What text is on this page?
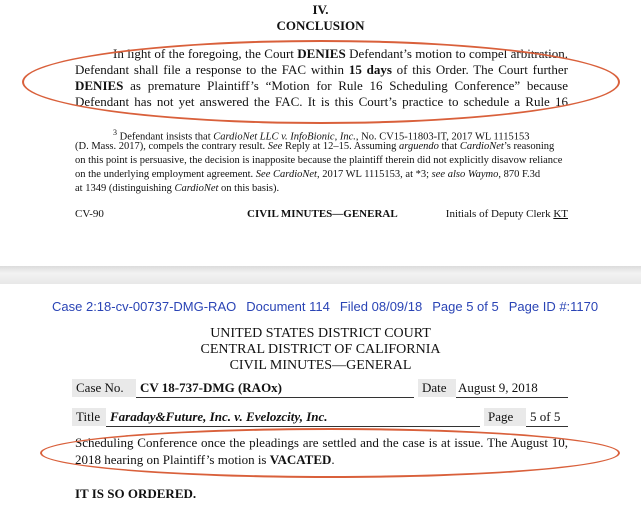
IV.
CONCLUSION
In light of the foregoing, the Court DENIES Defendant’s motion to compel arbitration.
Defendant shall file a response to the FAC within 15 days of this Order. The Court further
DENIES as premature Plaintiff’s “Motion for Rule 16 Scheduling Conference” because
Defendant has not yet answered the FAC. It is this Court’s practice to schedule a Rule 16
$^3$ Defendant insists that CardioNet LLC v. InfoBionic, Inc., No. CV15-11803-IT, 2017 WL 1115153
(D. Mass. 2017), compels the contrary result. See Reply at 12–15. Assuming arguendo that CardioNet’s reasoning
on this point is persuasive, the decision is inapposite because the plaintiff therein did not explicitly disavow reliance
on the underlying employment agreement. See CardioNet, 2017 WL 1115153, at *3; see also Waymo, 870 F.3d
at 1349 (distinguishing CardioNet on this basis).
CV-90	CIVIL MINUTES—GENERAL	Initials of Deputy Clerk KT
Case 2:18-cv-00737-DMG-RAO Document 114 Filed 08/09/18 Page 5 of 5 Page ID #:1170
UNITED STATES DISTRICT COURT
CENTRAL DISTRICT OF CALIFORNIA
CIVIL MINUTES—GENERAL
Case No.	CV 18-737-DMG (RAOx)	Date August 9, 2018
Title Faraday&Future, Inc. v. Evelozcity, Inc.	Page	5 of 5
Scheduling Conference once the pleadings are settled and the case is at issue. The August 10,
2018 hearing on Plaintiff’s motion is VACATED.
IT IS SO ORDERED.
